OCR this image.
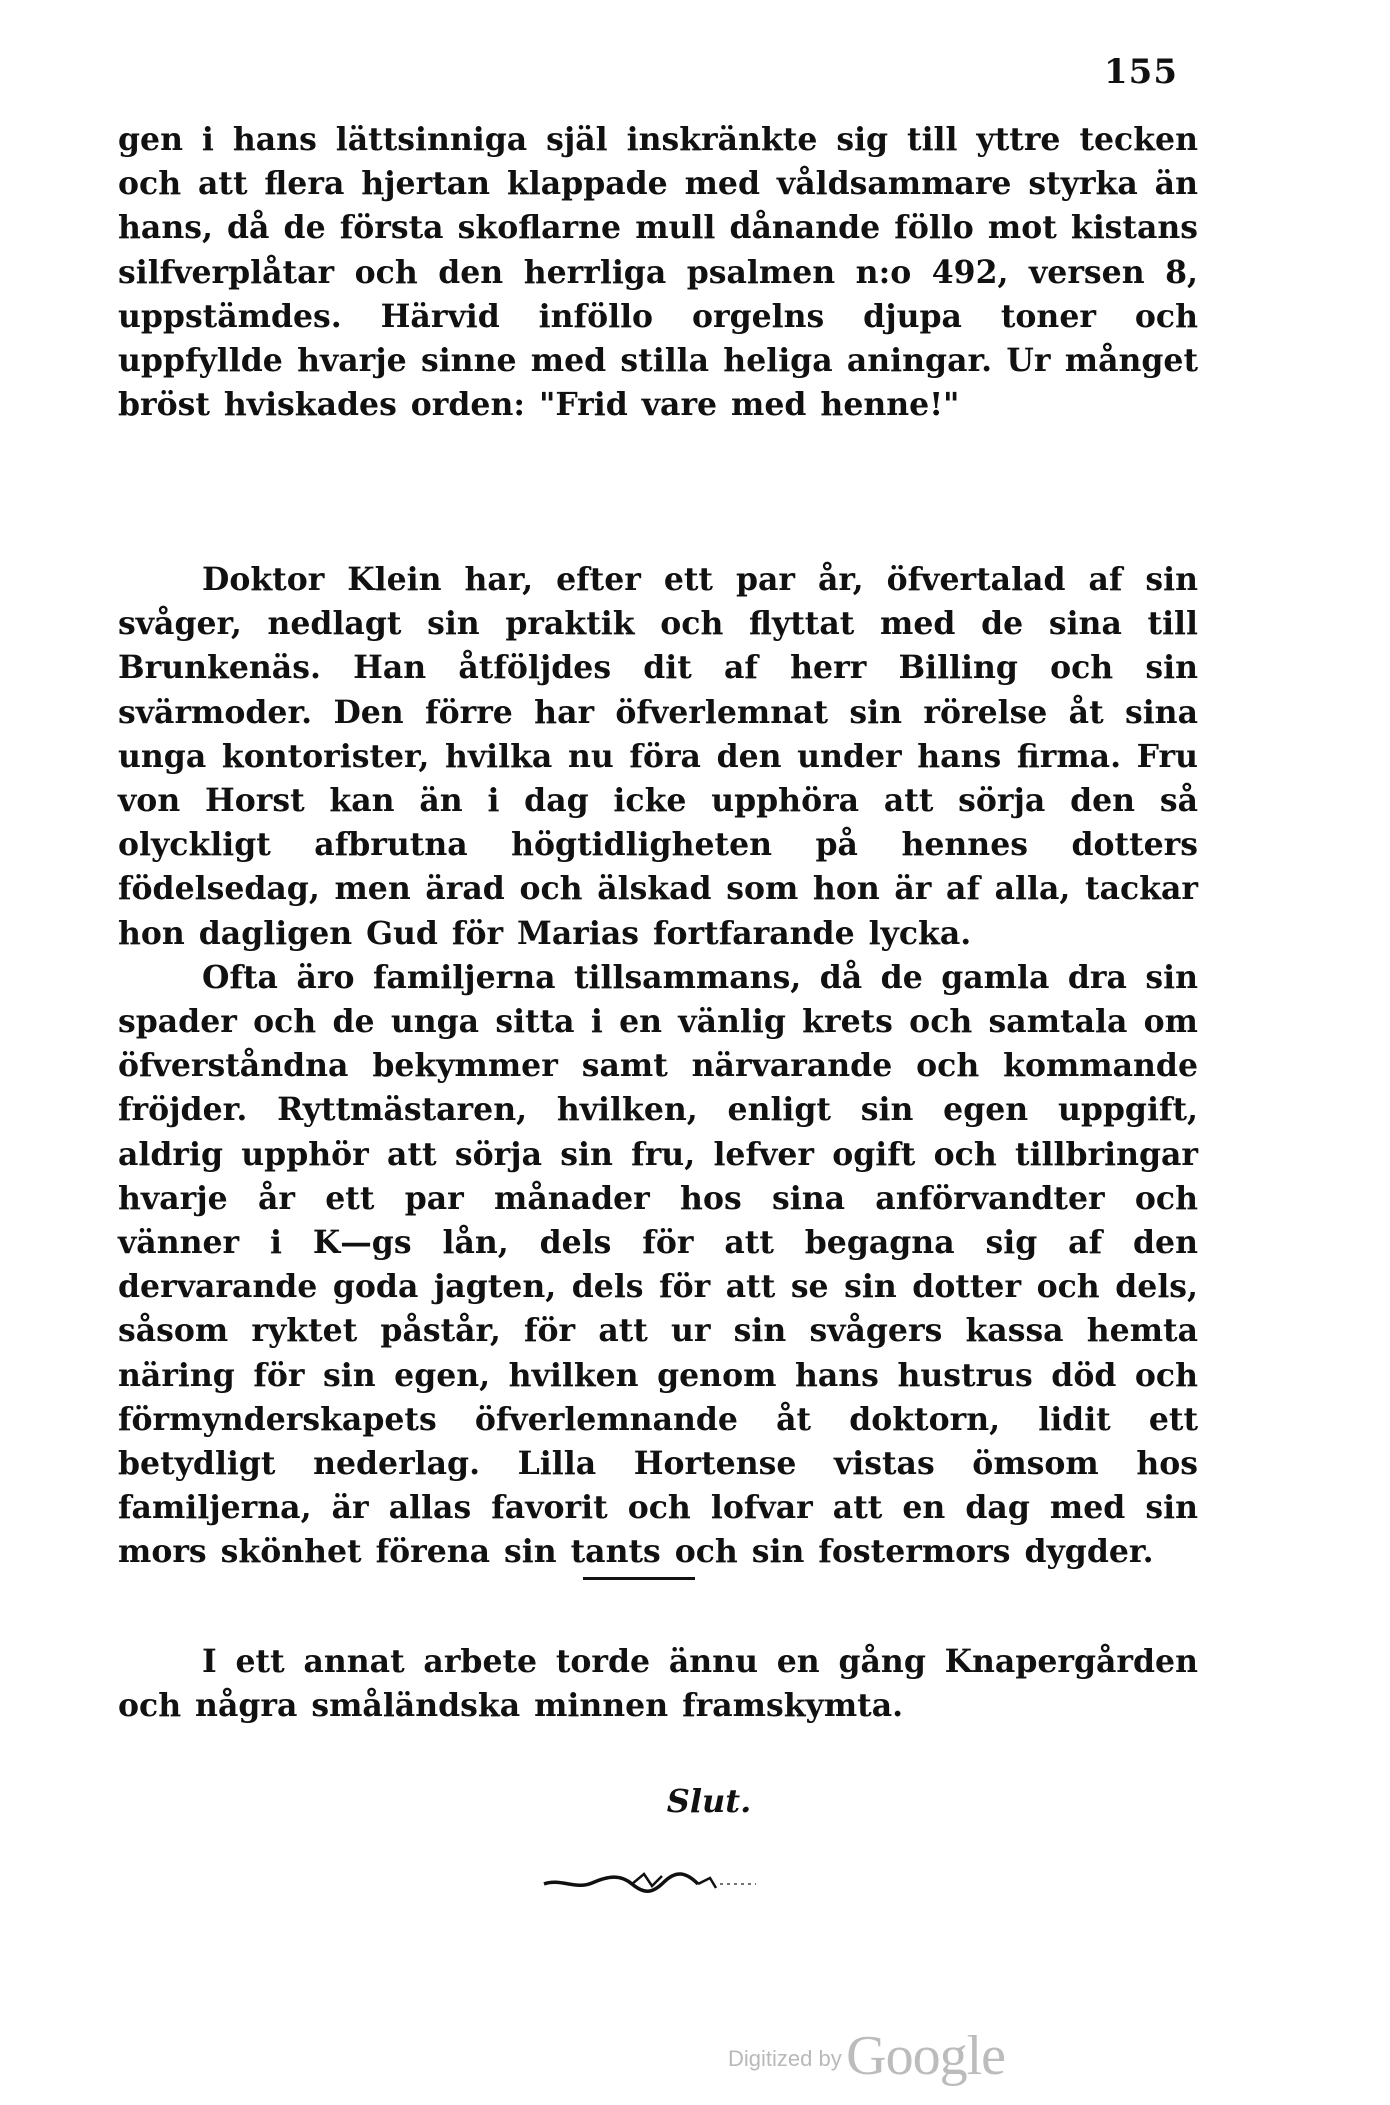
155

gen i hans lättsinniga själ inskränkte sig till yttre tecken och att flera hjertan klappade med våldsammare styrka än hans, då de första skoflarne mull dånande föllo mot kistans silfverplåtar och den herrliga psalmen n:o 492, versen 8, uppstämdes. Härvid inföllo orgelns djupa toner och uppfyllde hvarje sinne med stilla heliga aningar. Ur månget bröst hviskades orden: "Frid vare med henne!"

Doktor Klein har, efter ett par år, öfvertalad af sin svåger, nedlagt sin praktik och flyttat med de sina till Brunkenäs. Han åtföljdes dit af herr Billing och sin svärmoder. Den förre har öfverlemnat sin rörelse åt sina unga kontorister, hvilka nu föra den under hans firma. Fru von Horst kan än i dag icke upphöra att sörja den så olyckligt afbrutna högtidligheten på hennes dotters födelsedag, men ärad och älskad som hon är af alla, tackar hon dagligen Gud för Marias fortfarande lycka.

Ofta äro familjerna tillsammans, då de gamla dra sin spader och de unga sitta i en vänlig krets och samtala om öfverståndna bekymmer samt närvarande och kommande fröjder. Ryttmästaren, hvilken, enligt sin egen uppgift, aldrig upphör att sörja sin fru, lefver ogift och tillbringar hvarje år ett par månader hos sina anförvandter och vänner i K—gs lån, dels för att begagna sig af den dervarande goda jagten, dels för att se sin dotter och dels, såsom ryktet påstår, för att ur sin svågers kassa hemta näring för sin egen, hvilken genom hans hustrus död och förmynderskapets öfverlemnande åt doktorn, lidit ett betydligt nederlag. Lilla Hortense vistas ömsom hos familjerna, är allas favorit och lofvar att en dag med sin mors skönhet förena sin tants och sin fostermors dygder.

I ett annat arbete torde ännu en gång Knapergården och några småländska minnen framskymta.

Slut.
Digitized by Google
